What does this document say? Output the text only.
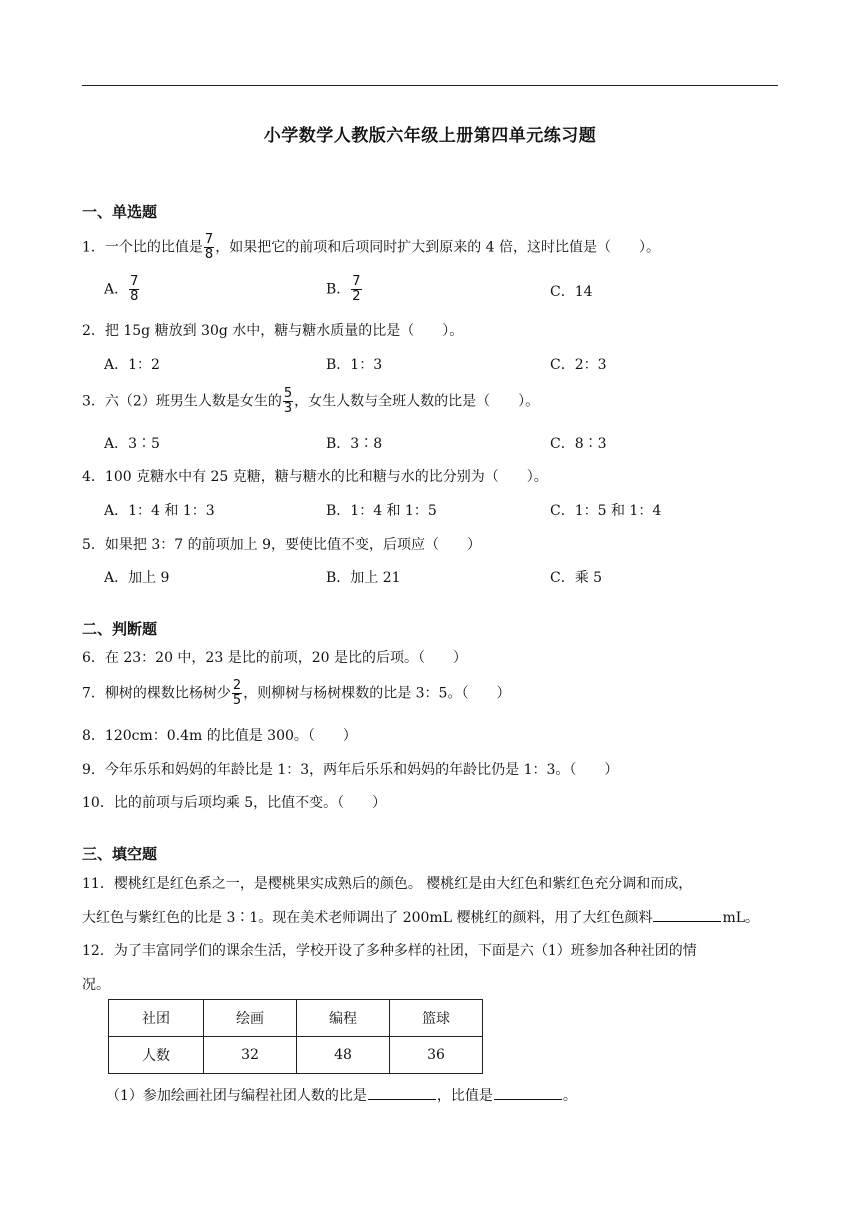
小学数学人教版六年级上册第四单元练习题
一、单选题
1．一个比的比值是 $\frac{7}{8}$ ，如果把它的前项和后项同时扩大到原来的 4 倍，这时比值是（　　）。
A． $\frac{7}{8}$	B． $\frac{7}{2}$	C．14
2．把 15g 糖放到 30g 水中，糖与糖水质量的比是（　　）。
A．1：2	B．1：3	C．2：3
3．六（2）班男生人数是女生的 $\frac{5}{3}$ ，女生人数与全班人数的比是（　　）。
A．3∶5	B．3∶8	C．8∶3
4．100 克糖水中有 25 克糖，糖与糖水的比和糖与水的比分别为（　　）。
A．1：4 和 1：3	B．1：4 和 1：5	C．1：5 和 1：4
5．如果把 3：7 的前项加上 9，要使比值不变，后项应（　　）
A．加上 9	B．加上 21	C．乘 5
二、判断题
6．在 23：20 中，23 是比的前项，20 是比的后项。（　　）
7．柳树的棵数比杨树少 $\frac{2}{5}$ ，则柳树与杨树棵数的比是 3：5。（　　）
8．120cm：0.4m 的比值是 300。（　　）
9．今年乐乐和妈妈的年龄比是 1：3，两年后乐乐和妈妈的年龄比仍是 1：3。（　　）
10．比的前项与后项均乘 5，比值不变。（　　）
三、填空题
11．樱桃红是红色系之一，是樱桃果实成熟后的颜色。 樱桃红是由大红色和紫红色充分调和而成，
大红色与紫红色的比是 3∶1。现在美术老师调出了 200mL 樱桃红的颜料，用了大红色颜料	mL。
12．为了丰富同学们的课余生活，学校开设了多种多样的社团，下面是六（1）班参加各种社团的情
况。
社团	绘画	编程	篮球
人数	32	48	36
（1）参加绘画社团与编程社团人数的比是	，比值是	。
